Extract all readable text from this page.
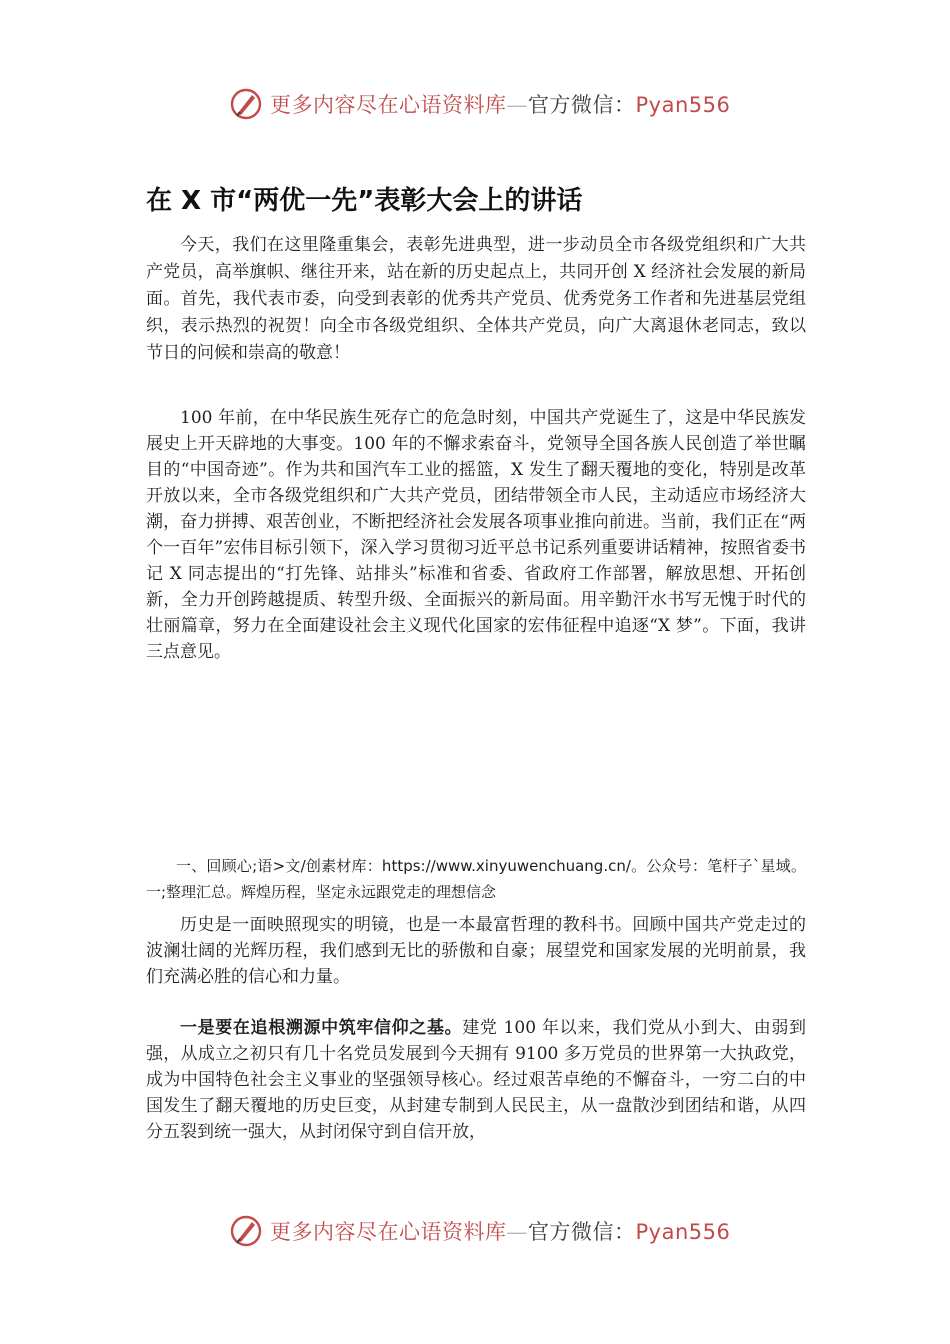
更多内容尽在心语资料库—官方微信：Pyan556
在 X 市“两优一先”表彰大会上的讲话

今天，我们在这里隆重集会，表彰先进典型，进一步动员全市各级党组织和广大共产党员，高举旗帜、继往开来，站在新的历史起点上，共同开创 X 经济社会发展的新局面。首先，我代表市委，向受到表彰的优秀共产党员、优秀党务工作者和先进基层党组织，表示热烈的祝贺！向全市各级党组织、全体共产党员，向广大离退休老同志，致以节日的问候和崇高的敬意！

100 年前，在中华民族生死存亡的危急时刻，中国共产党诞生了，这是中华民族发展史上开天辟地的大事变。100 年的不懈求索奋斗，党领导全国各族人民创造了举世瞩目的“中国奇迹”。作为共和国汽车工业的摇篮，X 发生了翻天覆地的变化，特别是改革开放以来，全市各级党组织和广大共产党员，团结带领全市人民，主动适应市场经济大潮，奋力拼搏、艰苦创业，不断把经济社会发展各项事业推向前进。当前，我们正在“两个一百年”宏伟目标引领下，深入学习贯彻习近平总书记系列重要讲话精神，按照省委书记 X 同志提出的“打先锋、站排头”标准和省委、省政府工作部署，解放思想、开拓创新，全力开创跨越提质、转型升级、全面振兴的新局面。用辛勤汗水书写无愧于时代的壮丽篇章，努力在全面建设社会主义现代化国家的宏伟征程中追逐“X 梦”。下面，我讲三点意见。

一、回顾心;语>文/创素材库：https://www.xinyuwenchuang.cn/。公众号：笔杆子`星域。一;整理汇总。辉煌历程，坚定永远跟党走的理想信念

历史是一面映照现实的明镜，也是一本最富哲理的教科书。回顾中国共产党走过的波澜壮阔的光辉历程，我们感到无比的骄傲和自豪；展望党和国家发展的光明前景，我们充满必胜的信心和力量。

一是要在追根溯源中筑牢信仰之基。建党 100 年以来，我们党从小到大、由弱到强，从成立之初只有几十名党员发展到今天拥有 9100 多万党员的世界第一大执政党，成为中国特色社会主义事业的坚强领导核心。经过艰苦卓绝的不懈奋斗，一穷二白的中国发生了翻天覆地的历史巨变，从封建专制到人民民主，从一盘散沙到团结和谐，从四分五裂到统一强大，从封闭保守到自信开放，

更多内容尽在心语资料库—官方微信：Pyan556
